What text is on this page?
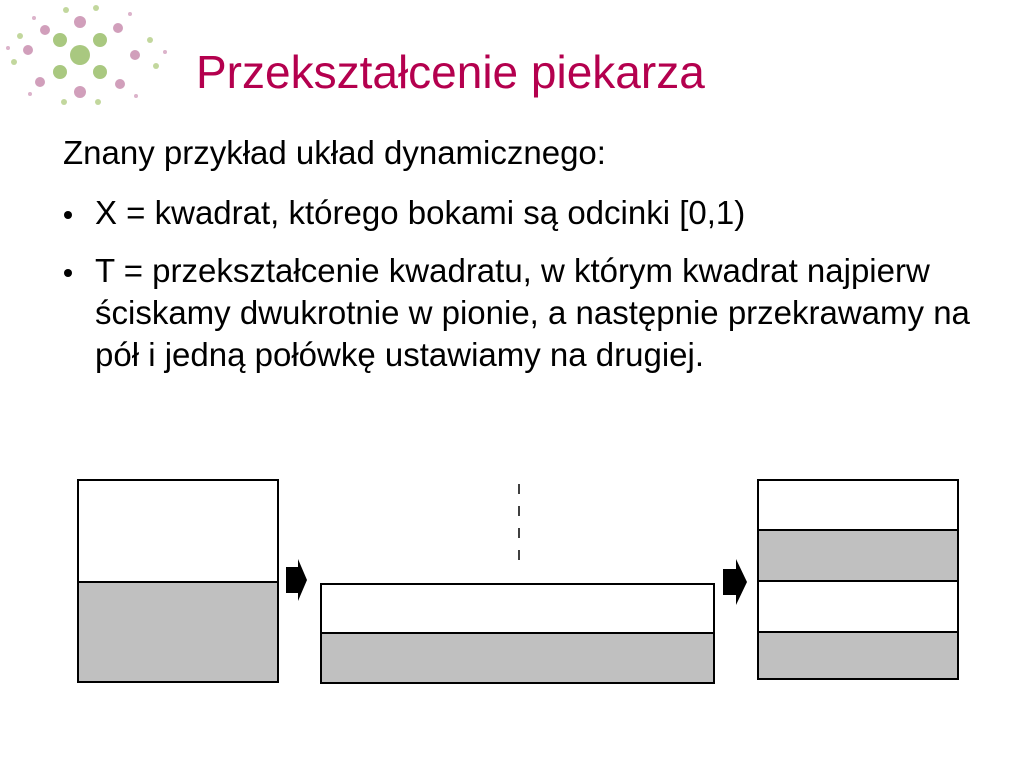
Przekształcenie piekarza

Znany przykład układ dynamicznego:

X = kwadrat, którego bokami są odcinki [0,1)
T = przekształcenie kwadratu, w którym kwadrat najpierw ściskamy dwukrotnie w pionie, a następnie przekrawamy na pół i jedną połówkę ustawiamy na drugiej.
